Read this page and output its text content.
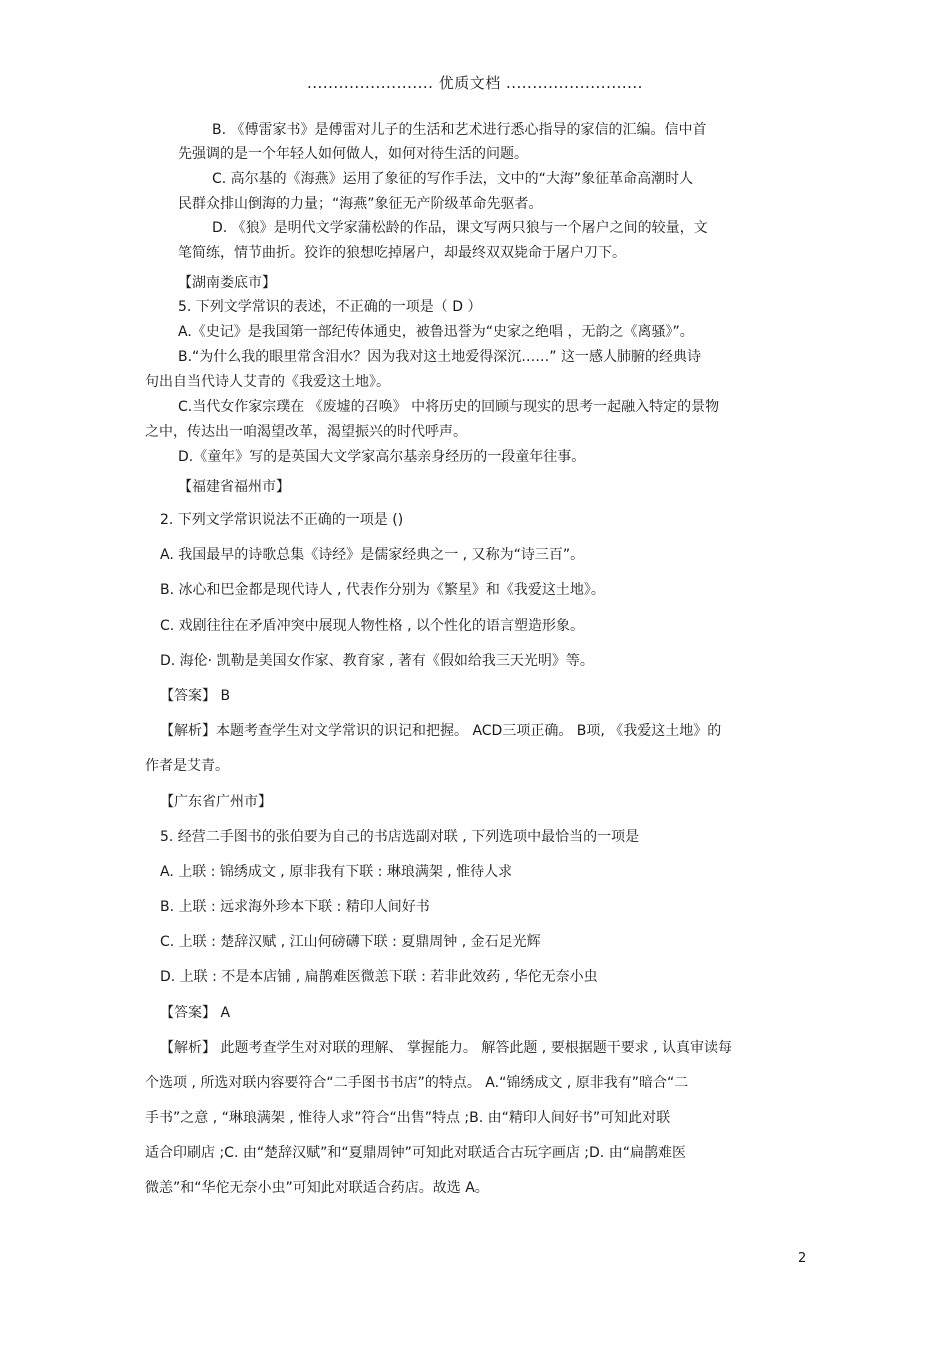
........................ 优质文档 ..........................
B. 《傅雷家书》是傅雷对儿子的生活和艺术进行悉心指导的家信的汇编。信中首
先强调的是一个年轻人如何做人，如何对待生活的问题。
C. 高尔基的《海燕》运用了象征的写作手法，文中的“大海”象征革命高潮时人
民群众排山倒海的力量；“海燕”象征无产阶级革命先驱者。
D. 《狼》是明代文学家蒲松龄的作品，课文写两只狼与一个屠户之间的较量，文
笔简练，情节曲折。狡诈的狼想吃掉屠户，却最终双双毙命于屠户刀下。
【湖南娄底市】
5. 下列文学常识的表述，不正确的一项是（ D ）
A.《史记》是我国第一部纪传体通史，被鲁迅誉为“史家之绝唱 ，无韵之《离骚》”。
B.“为什么我的眼里常含泪水？因为我对这土地爱得深沉……” 这一感人肺腑的经典诗
句出自当代诗人艾青的《我爱这土地》。
C.当代女作家宗璞在 《废墟的召唤》 中将历史的回顾与现实的思考一起融入特定的景物
之中，传达出一咱渴望改革，渴望振兴的时代呼声。
D.《童年》写的是英国大文学家高尔基亲身经历的一段童年往事。
【福建省福州市】
2. 下列文学常识说法不正确的一项是 ()
A. 我国最早的诗歌总集《诗经》是儒家经典之一 , 又称为“诗三百”。
B. 冰心和巴金都是现代诗人 , 代表作分别为《繁星》和《我爱这土地》。
C. 戏剧往往在矛盾冲突中展现人物性格 , 以个性化的语言塑造形象。
D. 海伦· 凯勒是美国女作家、教育家 , 著有《假如给我三天光明》等。
【答案】 B
【解析】本题考查学生对文学常识的识记和把握。 ACD三项正确。 B项, 《我爱这土地》的
作者是艾青。
【广东省广州市】
5. 经营二手图书的张伯要为自己的书店选副对联 , 下列选项中最恰当的一项是
A. 上联 : 锦绣成文 , 原非我有下联 : 琳琅满架 , 惟待人求
B. 上联 : 远求海外珍本下联 : 精印人间好书
C. 上联 : 楚辞汉赋 , 江山何磅礴下联 : 夏鼎周钟 , 金石足光辉
D. 上联 : 不是本店铺 , 扁鹊难医微恙下联 : 若非此效药 , 华佗无奈小虫
【答案】 A
【解析】 此题考查学生对对联的理解、 掌握能力。 解答此题 , 要根据题干要求 , 认真审读每
个选项 , 所选对联内容要符合“二手图书书店”的特点。 A.“锦绣成文 , 原非我有”暗合“二
手书”之意 , “琳琅满架 , 惟待人求”符合“出售”特点 ;B. 由“精印人间好书”可知此对联
适合印刷店 ;C. 由“楚辞汉赋”和“夏鼎周钟”可知此对联适合古玩字画店 ;D. 由“扁鹊难医
微恙”和“华佗无奈小虫”可知此对联适合药店。故选 A。
2
